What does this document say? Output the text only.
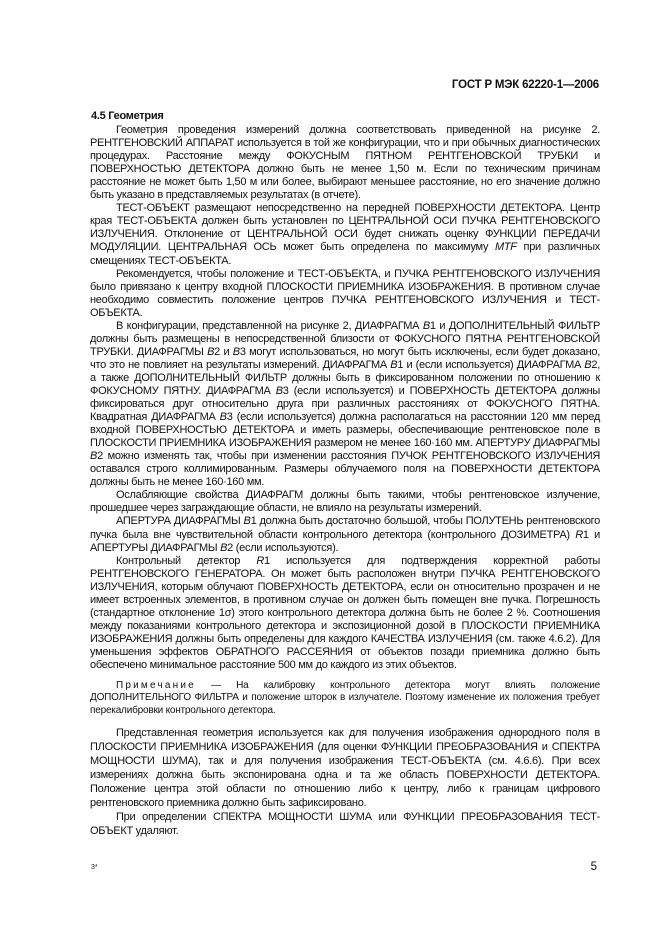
ГОСТ Р МЭК 62220-1—2006
4.5 Геометрия

Геометрия проведения измерений должна соответствовать приведенной на рисунке 2. РЕНТГЕНОВСКИЙ АППАРАТ используется в той же конфигурации, что и при обычных диагностических процедурах. Расстояние между ФОКУСНЫМ ПЯТНОМ РЕНТГЕНОВСКОЙ ТРУБКИ и ПОВЕРХНОСТЬЮ ДЕТЕКТОРА должно быть не менее 1,50 м. Если по техническим причинам расстояние не может быть 1,50 м или более, выбирают меньшее расстояние, но его значение должно быть указано в представляемых результатах (в отчете).

ТЕСТ-ОБЪЕКТ размещают непосредственно на передней ПОВЕРХНОСТИ ДЕТЕКТОРА. Центр края ТЕСТ-ОБЪЕКТА должен быть установлен по ЦЕНТРАЛЬНОЙ ОСИ ПУЧКА РЕНТГЕНОВСКОГО ИЗЛУЧЕНИЯ. Отклонение от ЦЕНТРАЛЬНОЙ ОСИ будет снижать оценку ФУНКЦИИ ПЕРЕДАЧИ МОДУЛЯЦИИ. ЦЕНТРАЛЬНАЯ ОСЬ может быть определена по максимуму MTF при различных смещениях ТЕСТ-ОБЪЕКТА.

Рекомендуется, чтобы положение и ТЕСТ-ОБЪЕКТА, и ПУЧКА РЕНТГЕНОВСКОГО ИЗЛУЧЕНИЯ было привязано к центру входной ПЛОСКОСТИ ПРИЕМНИКА ИЗОБРАЖЕНИЯ. В противном случае необходимо совместить положение центров ПУЧКА РЕНТГЕНОВСКОГО ИЗЛУЧЕНИЯ и ТЕСТ-ОБЪЕКТА.

В конфигурации, представленной на рисунке 2, ДИАФРАГМА В1 и ДОПОЛНИТЕЛЬНЫЙ ФИЛЬТР должны быть размещены в непосредственной близости от ФОКУСНОГО ПЯТНА РЕНТГЕНОВСКОЙ ТРУБКИ. ДИАФРАГМЫ В2 и В3 могут использоваться, но могут быть исключены, если будет доказано, что это не повлияет на результаты измерений. ДИАФРАГМА В1 и (если используется) ДИАФРАГМА В2, а также ДОПОЛНИТЕЛЬНЫЙ ФИЛЬТР должны быть в фиксированном положении по отношению к ФОКУСНОМУ ПЯТНУ. ДИАФРАГМА В3 (если используется) и ПОВЕРХНОСТЬ ДЕТЕКТОРА должны фиксироваться друг относительно друга при различных расстояниях от ФОКУСНОГО ПЯТНА. Квадратная ДИАФРАГМА В3 (если используется) должна располагаться на расстоянии 120 мм перед входной ПОВЕРХНОСТЬЮ ДЕТЕКТОРА и иметь размеры, обеспечивающие рентгеновское поле в ПЛОСКОСТИ ПРИЕМНИКА ИЗОБРАЖЕНИЯ размером не менее 160·160 мм. АПЕРТУРУ ДИАФРАГМЫ В2 можно изменять так, чтобы при изменении расстояния ПУЧОК РЕНТГЕНОВСКОГО ИЗЛУЧЕНИЯ оставался строго коллимированным. Размеры облучаемого поля на ПОВЕРХНОСТИ ДЕТЕКТОРА должны быть не менее 160·160 мм.

Ослабляющие свойства ДИАФРАГМ должны быть такими, чтобы рентгеновское излучение, прошедшее через заграждающие области, не влияло на результаты измерений.

АПЕРТУРА ДИАФРАГМЫ В1 должна быть достаточно большой, чтобы ПОЛУТЕНЬ рентгеновского пучка была вне чувствительной области контрольного детектора (контрольного ДОЗИМЕТРА) R1 и АПЕРТУРЫ ДИАФРАГМЫ В2 (если используются).

Контрольный детектор R1 используется для подтверждения корректной работы РЕНТГЕНОВСКОГО ГЕНЕРАТОРА. Он может быть расположен внутри ПУЧКА РЕНТГЕНОВСКОГО ИЗЛУЧЕНИЯ, которым облучают ПОВЕРХНОСТЬ ДЕТЕКТОРА, если он относительно прозрачен и не имеет встроенных элементов, в противном случае он должен быть помещен вне пучка. Погрешность (стандартное отклонение 1σ) этого контрольного детектора должна быть не более 2 %. Соотношения между показаниями контрольного детектора и экспозиционной дозой в ПЛОСКОСТИ ПРИЕМНИКА ИЗОБРАЖЕНИЯ должны быть определены для каждого КАЧЕСТВА ИЗЛУЧЕНИЯ (см. также 4.6.2). Для уменьшения эффектов ОБРАТНОГО РАССЕЯНИЯ от объектов позади приемника должно быть обеспечено минимальное расстояние 500 мм до каждого из этих объектов.

Примечание — На калибровку контрольного детектора могут влиять положение ДОПОЛНИТЕЛЬНОГО ФИЛЬТРА и положение шторок в излучателе. Поэтому изменение их положения требует перекалибровки контрольного детектора.

Представленная геометрия используется как для получения изображения однородного поля в ПЛОСКОСТИ ПРИЕМНИКА ИЗОБРАЖЕНИЯ (для оценки ФУНКЦИИ ПРЕОБРАЗОВАНИЯ и СПЕКТРА МОЩНОСТИ ШУМА), так и для получения изображения ТЕСТ-ОБЪЕКТА (см. 4.6.6). При всех измерениях должна быть экспонирована одна и та же область ПОВЕРХНОСТИ ДЕТЕКТОРА. Положение центра этой области по отношению либо к центру, либо к границам цифрового рентгеновского приемника должно быть зафиксировано.

При определении СПЕКТРА МОЩНОСТИ ШУМА или ФУНКЦИИ ПРЕОБРАЗОВАНИЯ ТЕСТ-ОБЪЕКТ удаляют.

3*	5
